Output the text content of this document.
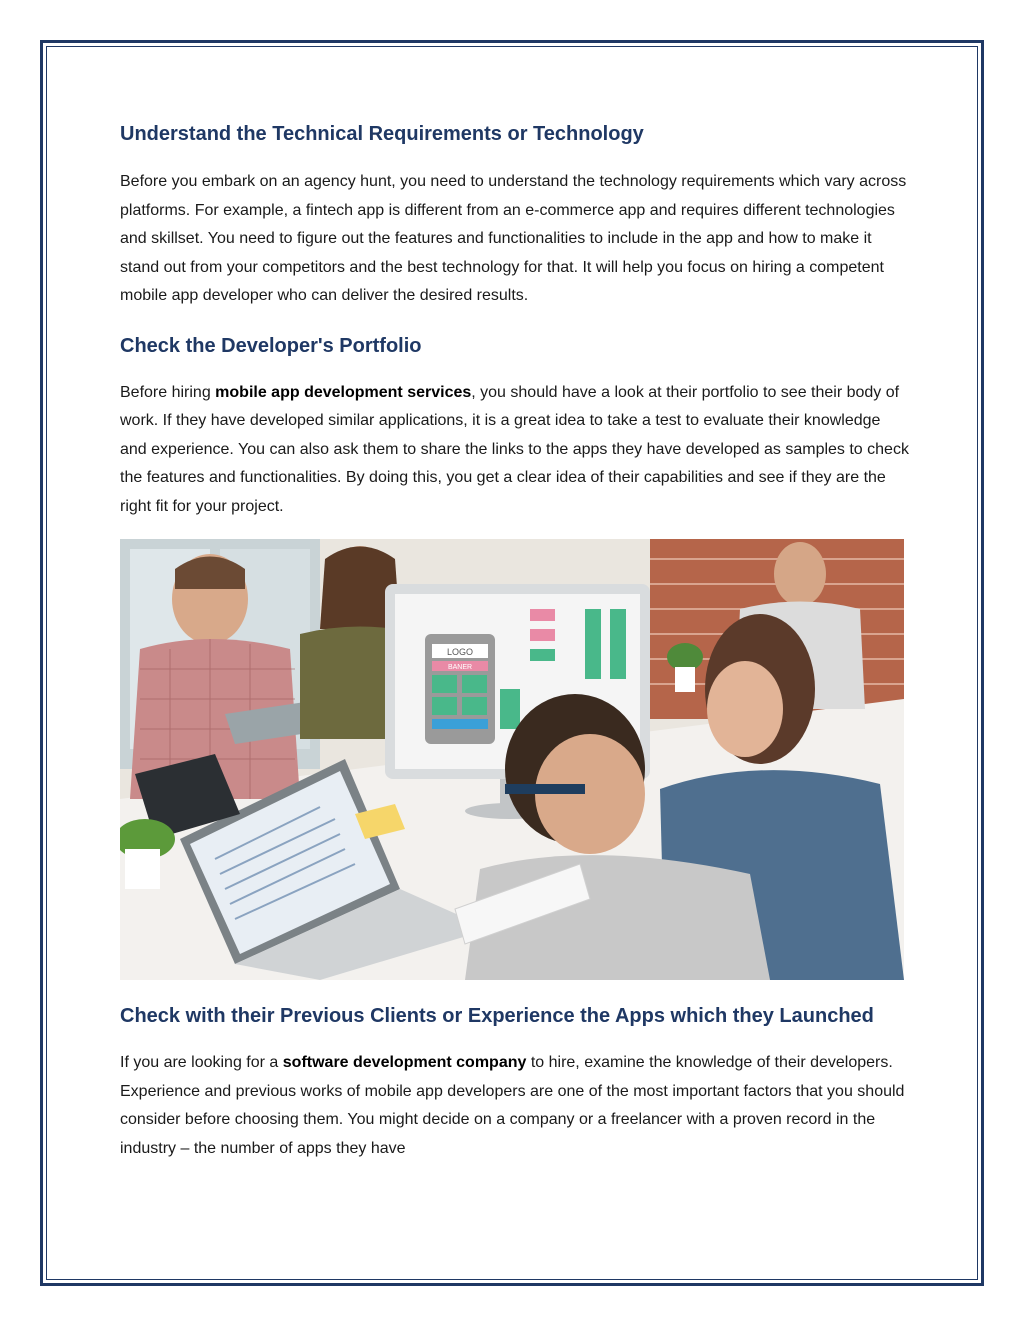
Understand the Technical Requirements or Technology

Before you embark on an agency hunt, you need to understand the technology requirements which vary across platforms. For example, a fintech app is different from an e-commerce app and requires different technologies and skillset. You need to figure out the features and functionalities to include in the app and how to make it stand out from your competitors and the best technology for that. It will help you focus on hiring a competent mobile app developer who can deliver the desired results.

Check the Developer's Portfolio

Before hiring mobile app development services, you should have a look at their portfolio to see their body of work. If they have developed similar applications, it is a great idea to take a test to evaluate their knowledge and experience. You can also ask them to share the links to the apps they have developed as samples to check the features and functionalities. By doing this, you get a clear idea of their capabilities and see if they are the right fit for your project.

LOGO
BANER
Check with their Previous Clients or Experience the Apps which they Launched

If you are looking for a software development company to hire, examine the knowledge of their developers. Experience and previous works of mobile app developers are one of the most important factors that you should consider before choosing them. You might decide on a company or a freelancer with a proven record in the industry – the number of apps they have
